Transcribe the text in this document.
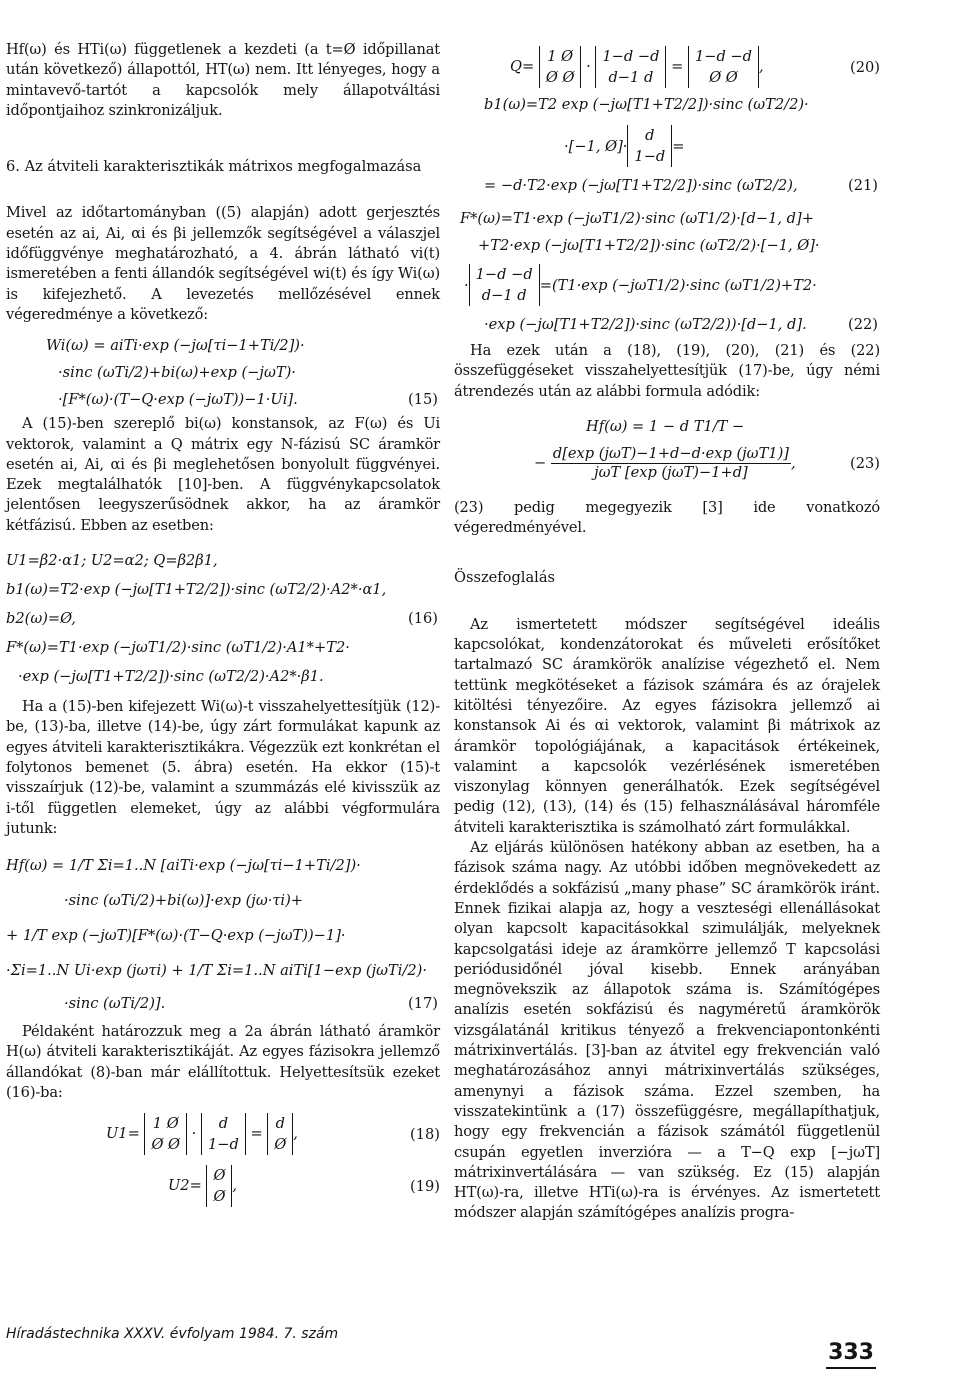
Hf(ω) és HTi(ω) függetlenek a kezdeti (a t=Ø időpillanat után következő) állapottól, HT(ω) nem. Itt lényeges, hogy a mintavevő-tartót a kapcsolók mely állapotváltási időpontjaihoz szinkronizáljuk.

6. Az átviteli karakterisztikák mátrixos megfogalmazása

Mivel az időtartományban ((5) alapján) adott gerjesztés esetén az ai, Ai, αi és βi jellemzők segítségével a válaszjel időfüggvénye meghatározható, a 4. ábrán látható vi(t) ismeretében a fenti állandók segítségével wi(t) és így Wi(ω) is kifejezhető. A levezetés mellőzésével ennek végeredménye a következő:

Wi(ω) = aiTi·exp (−jω[τi−1+Ti/2])·
·sinc (ωTi/2)+bi(ω)+exp (−jωT)·
·[F*(ω)·(T−Q·exp (−jωT))−1·Ui].	(15)

A (15)-ben szereplő bi(ω) konstansok, az F(ω) és Ui vektorok, valamint a Q mátrix egy N-fázisú SC áramkör esetén ai, Ai, αi és βi meglehetősen bonyolult függvényei. Ezek megtalálhatók [10]-ben. A függvénykapcsolatok jelentősen leegyszerűsödnek akkor, ha az áramkör kétfázisú. Ebben az esetben:

U1=β2·α1; U2=α2; Q=β2β1,
b1(ω)=T2·exp (−jω[T1+T2/2])·sinc (ωT2/2)·A2*·α1,
b2(ω)=Ø,	(16)
F*(ω)=T1·exp (−jωT1/2)·sinc (ωT1/2)·A1*+T2·
·exp (−jω[T1+T2/2])·sinc (ωT2/2)·A2*·β1.

Ha a (15)-ben kifejezett Wi(ω)-t visszahelyettesítjük (12)-be, (13)-ba, illetve (14)-be, úgy zárt formulákat kapunk az egyes átviteli karakterisztikákra. Végezzük ezt konkrétan el folytonos bemenet (5. ábra) esetén. Ha ekkor (15)-t visszaírjuk (12)-be, valamint a szummázás elé kivisszük az i-től független elemeket, úgy az alábbi végformulára jutunk:

Hf(ω) = 1/T Σi=1..N [aiTi·exp (−jω[τi−1+Ti/2])·
·sinc (ωTi/2)+bi(ω)]·exp (jω·τi)+
+ 1/T exp (−jωT)[F*(ω)·(T−Q·exp (−jωT))−1]·
·Σi=1..N Ui·exp (jωτi) + 1/T Σi=1..N aiTi[1−exp (jωTi/2)·
·sinc (ωTi/2)].	(17)

Példaként határozzuk meg a 2a ábrán látható áramkör H(ω) átviteli karakterisztikáját. Az egyes fázisokra jellemző állandókat (8)-ban már elállítottuk. Helyettesítsük ezeket (16)-ba:

U1= 1 Ø
Ø Ø · d
1−d = d
Ø,	(18)
U2= Ø
Ø,	(19)
Q= 1 Ø
Ø Ø · 1−d −d
d−1 d = 1−d −d
Ø Ø,	(20)
b1(ω)=T2 exp (−jω[T1+T2/2])·sinc (ωT2/2)·
·[−1, Ø]·
d
1−d
=
= −d·T2·exp (−jω[T1+T2/2])·sinc (ωT2/2),	(21)
F*(ω)=T1·exp (−jωT1/2)·sinc (ωT1/2)·[d−1, d]+
+T2·exp (−jω[T1+T2/2])·sinc (ωT2/2)·[−1, Ø]·
·
1−d −d
d−1 d
=(T1·exp (−jωT1/2)·sinc (ωT1/2)+T2·
·exp (−jω[T1+T2/2])·sinc (ωT2/2))·[d−1, d].	(22)

Ha ezek után a (18), (19), (20), (21) és (22) összefüggéseket visszahelyettesítjük (17)-be, úgy némi átrendezés után az alábbi formula adódik:

Hf(ω) = 1 − d T1/T −
− $\frac{\text{d[exp (jωT)−1+d−d·exp (jωT1)]}}{\text{jωT [exp (jωT)−1+d]}}$ ,	(23)

(23) pedig megegyezik [3] ide vonatkozó végeredményével.

Összefoglalás

Az ismertetett módszer segítségével ideális kapcsolókat, kondenzátorokat és műveleti erősítőket tartalmazó SC áramkörök analízise végezhető el. Nem tettünk megkötéseket a fázisok számára és az órajelek kitöltési tényezőire. Az egyes fázisokra jellemző ai konstansok Ai és αi vektorok, valamint βi mátrixok az áramkör topológiájának, a kapacitások értékeinek, valamint a kapcsolók vezérlésének ismeretében viszonylag könnyen generálhatók. Ezek segítségével pedig (12), (13), (14) és (15) felhasználásával háromféle átviteli karakterisztika is számolható zárt formulákkal.

Az eljárás különösen hatékony abban az esetben, ha a fázisok száma nagy. Az utóbbi időben megnövekedett az érdeklődés a sokfázisú „many phase” SC áramkörök iránt. Ennek fizikai alapja az, hogy a veszteségi ellenállásokat olyan kapcsolt kapacitásokkal szimulálják, melyeknek kapcsolgatási ideje az áramkörre jellemző T kapcsolási periódusidőnél jóval kisebb. Ennek arányában megnövekszik az állapotok száma is. Számítógépes analízis esetén sokfázisú és nagyméretű áramkörök vizsgálatánál kritikus tényező a frekvenciapontonkénti mátrixinvertálás. [3]-ban az átvitel egy frekvencián való meghatározásához annyi mátrixinvertálás szükséges, amenynyi a fázisok száma. Ezzel szemben, ha visszatekintünk a (17) összefüggésre, megállapíthatjuk, hogy egy frekvencián a fázisok számától függetlenül csupán egyetlen inverzióra — a T−Q exp [−jωT] mátrixinvertálására — van szükség. Ez (15) alapján HT(ω)-ra, illetve HTi(ω)-ra is érvényes. Az ismertetett módszer alapján számítógépes analízis progra-

Híradástechnika XXXV. évfolyam 1984. 7. szám
333
